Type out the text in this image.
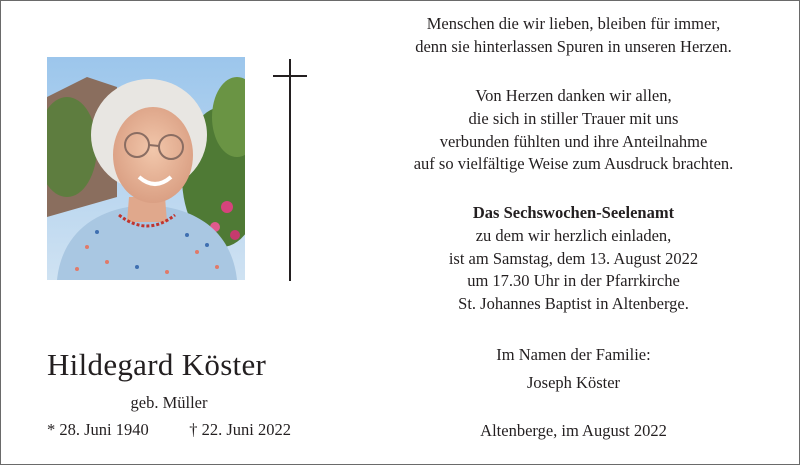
Hildegard Köster
geb. Müller
* 28. Juni 1940 † 22. Juni 2022
Menschen die wir lieben, bleiben für immer,
denn sie hinterlassen Spuren in unseren Herzen.
Von Herzen danken wir allen,
die sich in stiller Trauer mit uns
verbunden fühlten und ihre Anteilnahme
auf so vielfältige Weise zum Ausdruck brachten.
Das Sechswochen-Seelenamt
zu dem wir herzlich einladen,
ist am Samstag, dem 13. August 2022
um 17.30 Uhr in der Pfarrkirche
St. Johannes Baptist in Altenberge.
Im Namen der Familie:
Joseph Köster
Altenberge, im August 2022
